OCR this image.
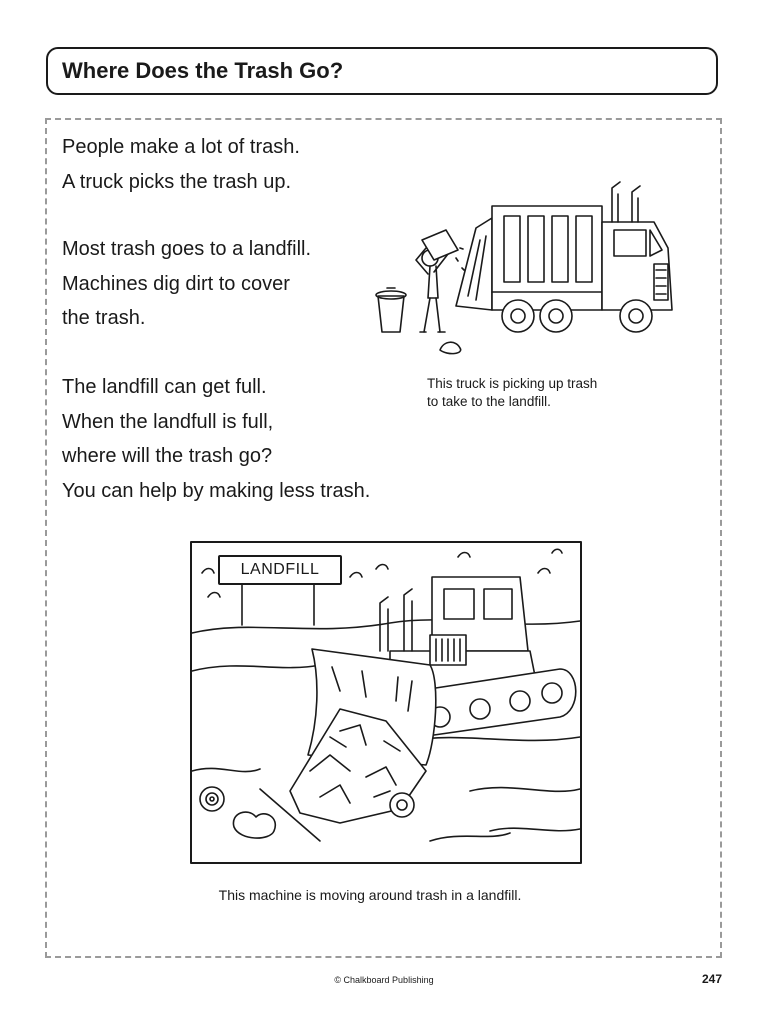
Where Does the Trash Go?

People make a lot of trash.
A truck picks the trash up.

Most trash goes to a landfill.
Machines dig dirt to cover
the trash.

The landfill can get full.
When the landfull is full,
where will the trash go?
You can help by making less trash.

This truck is picking up trash
to take to the landfill.
LANDFILL
This machine is moving around trash in a landfill.
© Chalkboard Publishing	247
